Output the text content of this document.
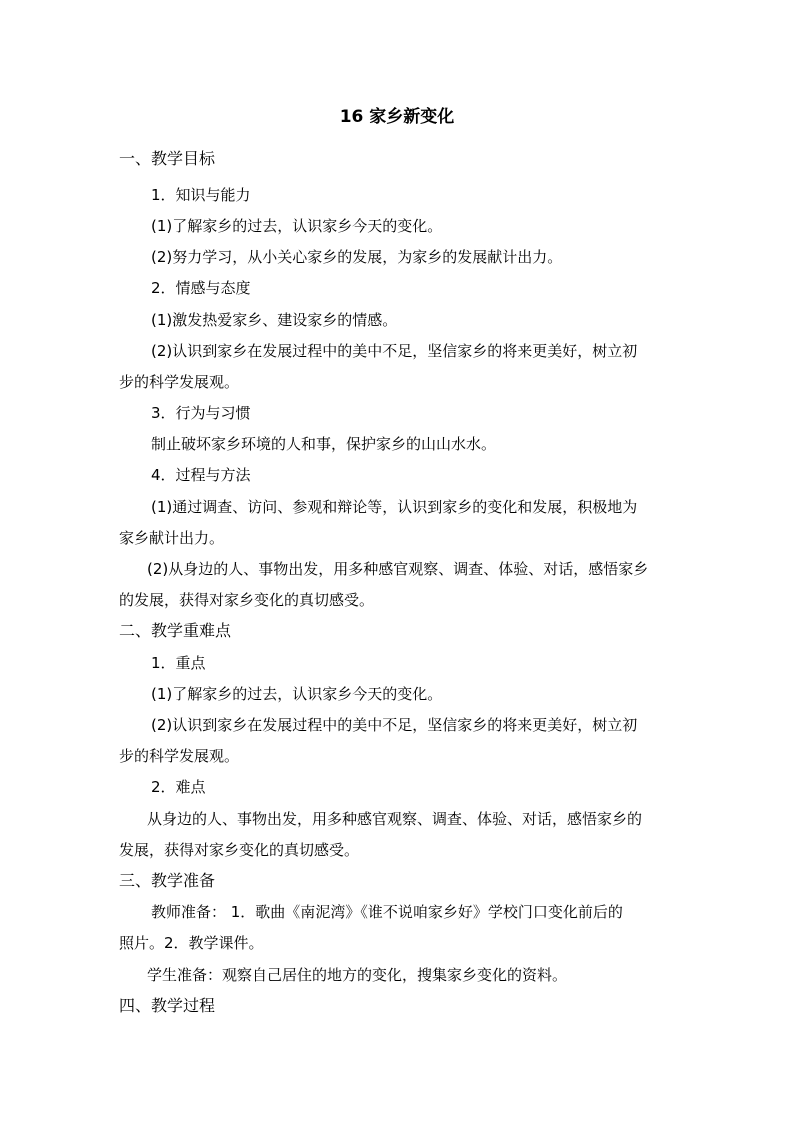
16 家乡新变化
一、教学目标
1．知识与能力
(1)了解家乡的过去，认识家乡今天的变化。
(2)努力学习，从小关心家乡的发展，为家乡的发展献计出力。
2．情感与态度
(1)激发热爱家乡、建设家乡的情感。
(2)认识到家乡在发展过程中的美中不足，坚信家乡的将来更美好，树立初
步的科学发展观。
3．行为与习惯
制止破坏家乡环境的人和事，保护家乡的山山水水。
4．过程与方法
(1)通过调查、访问、参观和辩论等，认识到家乡的变化和发展，积极地为
家乡献计出力。
(2)从身边的人、事物出发，用多种感官观察、调查、体验、对话，感悟家乡
的发展，获得对家乡变化的真切感受。
二、教学重难点
1．重点
(1)了解家乡的过去，认识家乡今天的变化。
(2)认识到家乡在发展过程中的美中不足，坚信家乡的将来更美好，树立初
步的科学发展观。
2．难点
从身边的人、事物出发，用多种感官观察、调查、体验、对话，感悟家乡的
发展，获得对家乡变化的真切感受。
三、教学准备
教师准备： 1．歌曲《南泥湾》《谁不说咱家乡好》学校门口变化前后的
照片。2．教学课件。
学生准备：观察自己居住的地方的变化，搜集家乡变化的资料。
四、教学过程
